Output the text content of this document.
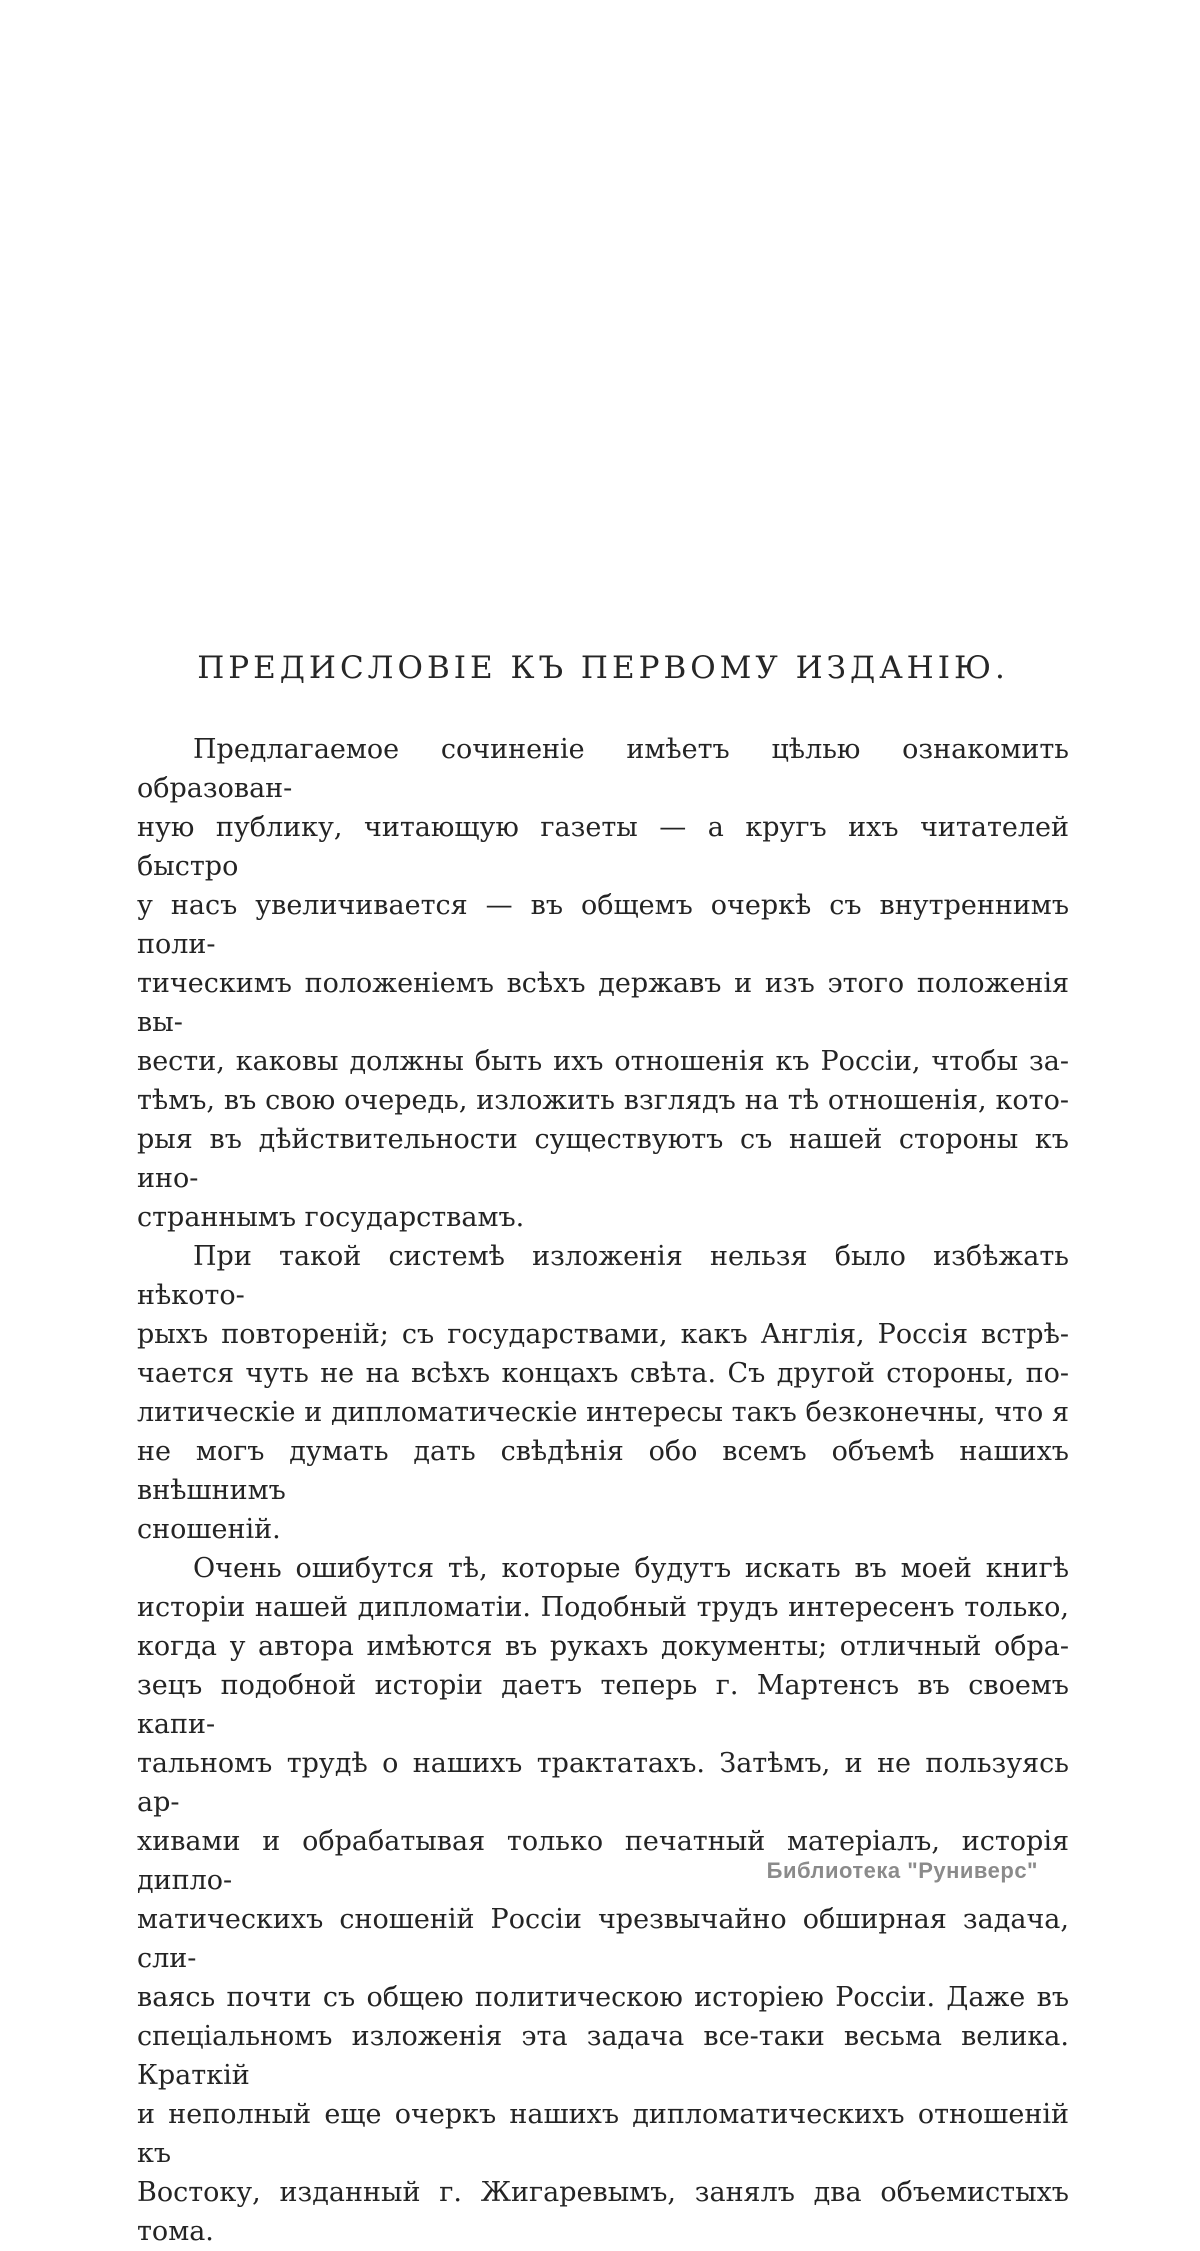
ПРЕДИСЛОВІЕ КЪ ПЕРВОМУ ИЗДАНІЮ.
Предлагаемое сочиненіе имѣетъ цѣлью ознакомить образован-
ную публику, читающую газеты — а кругъ ихъ читателей быстро
у насъ увеличивается — въ общемъ очеркѣ съ внутреннимъ поли-
тическимъ положеніемъ всѣхъ державъ и изъ этого положенія вы-
вести, каковы должны быть ихъ отношенія къ Россіи, чтобы за-
тѣмъ, въ свою очередь, изложить взглядъ на тѣ отношенія, кото-
рыя въ дѣйствительности существуютъ съ нашей стороны къ ино-
страннымъ государствамъ.
При такой системѣ изложенія нельзя было избѣжать нѣкото-
рыхъ повтореній; съ государствами, какъ Англія, Россія встрѣ-
чается чуть не на всѣхъ концахъ свѣта. Съ другой стороны, по-
литическіе и дипломатическіе интересы такъ безконечны, что я
не могъ думать дать свѣдѣнія обо всемъ объемѣ нашихъ внѣшнимъ
сношеній.
Очень ошибутся тѣ, которые будутъ искать въ моей книгѣ
исторіи нашей дипломатіи. Подобный трудъ интересенъ только,
когда у автора имѣются въ рукахъ документы; отличный обра-
зецъ подобной исторіи даетъ теперь г. Мартенсъ въ своемъ капи-
тальномъ трудѣ о нашихъ трактатахъ. Затѣмъ, и не пользуясь ар-
хивами и обрабатывая только печатный матеріалъ, исторія дипло-
матическихъ сношеній Россіи чрезвычайно обширная задача, сли-
ваясь почти съ общею политическою исторіею Россіи. Даже въ
спеціальномъ изложенія эта задача все-таки весьма велика. Краткій
и неполный еще очеркъ нашихъ дипломатическихъ отношеній къ
Востоку, изданный г. Жигаревымъ, занялъ два объемистыхъ
тома.
Библиотека "Руниверс"
